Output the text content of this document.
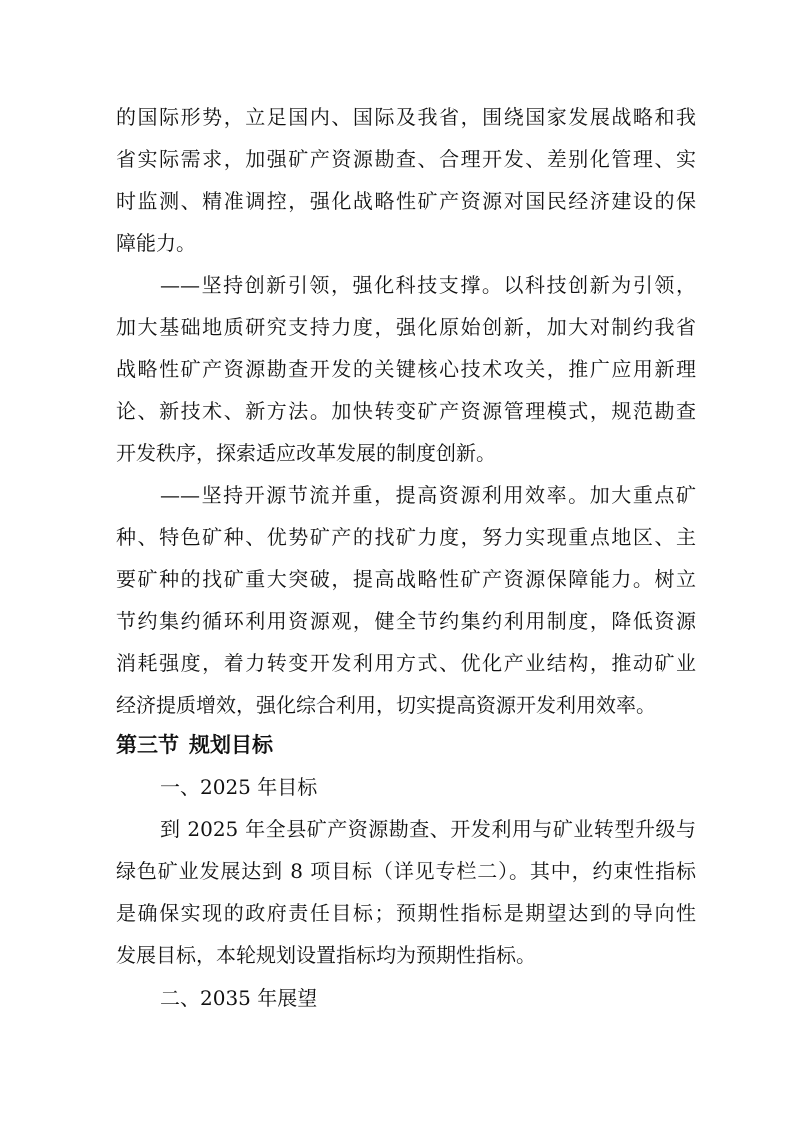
的国际形势，立足国内、国际及我省，围绕国家发展战略和我
省实际需求，加强矿产资源勘查、合理开发、差别化管理、实
时监测、精准调控，强化战略性矿产资源对国民经济建设的保
障能力。
——坚持创新引领，强化科技支撑。以科技创新为引领，
加大基础地质研究支持力度，强化原始创新，加大对制约我省
战略性矿产资源勘查开发的关键核心技术攻关，推广应用新理
论、新技术、新方法。加快转变矿产资源管理模式，规范勘查
开发秩序，探索适应改革发展的制度创新。
——坚持开源节流并重，提高资源利用效率。加大重点矿
种、特色矿种、优势矿产的找矿力度，努力实现重点地区、主
要矿种的找矿重大突破，提高战略性矿产资源保障能力。树立
节约集约循环利用资源观，健全节约集约利用制度，降低资源
消耗强度，着力转变开发利用方式、优化产业结构，推动矿业
经济提质增效，强化综合利用，切实提高资源开发利用效率。
第三节 规划目标
一、2025 年目标
到 2025 年全县矿产资源勘查、开发利用与矿业转型升级与
绿色矿业发展达到 8 项目标（详见专栏二）。其中，约束性指标
是确保实现的政府责任目标；预期性指标是期望达到的导向性
发展目标，本轮规划设置指标均为预期性指标。
二、2035 年展望
